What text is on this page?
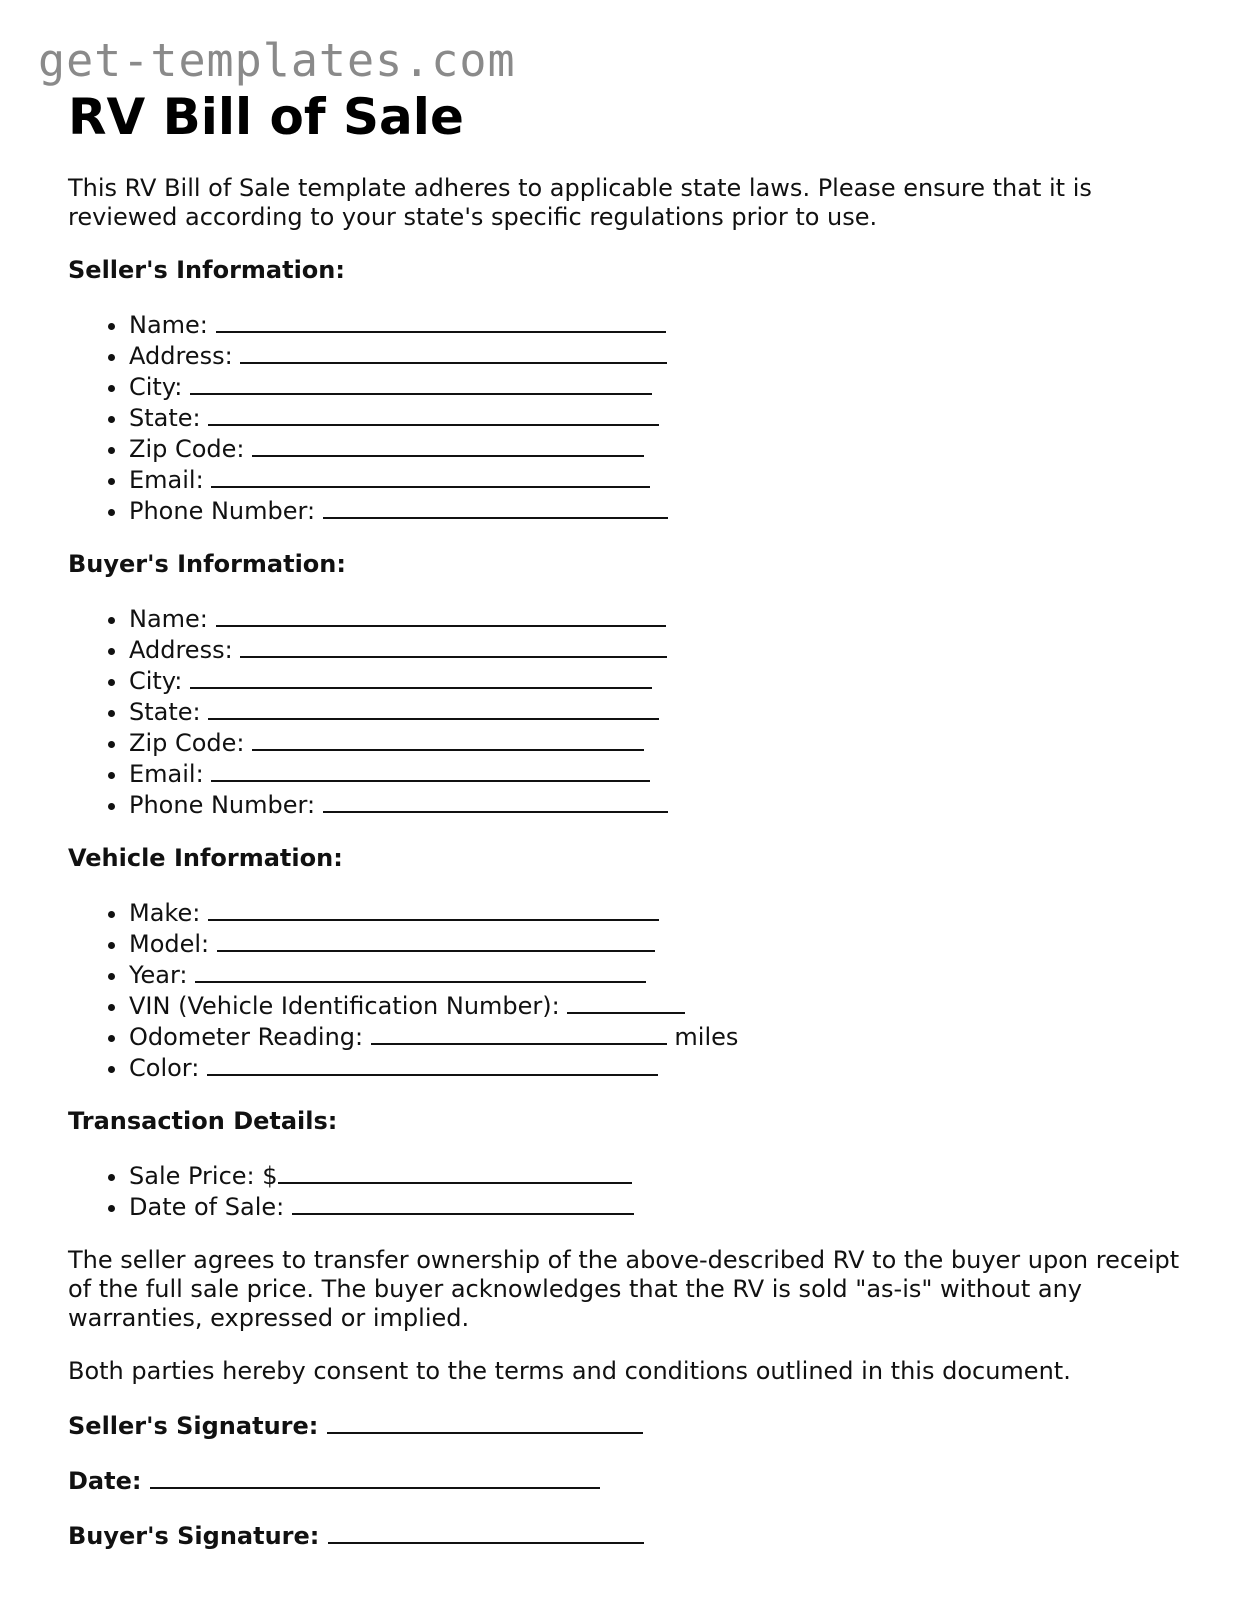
get-templates.com
RV Bill of Sale

This RV Bill of Sale template adheres to applicable state laws. Please ensure that it is reviewed according to your state's specific regulations prior to use.

Seller's Information:
• Name:
• Address:
• City:
• State:
• Zip Code:
• Email:
• Phone Number:
Buyer's Information:
• Name:
• Address:
• City:
• State:
• Zip Code:
• Email:
• Phone Number:
Vehicle Information:
• Make:
• Model:
• Year:
• VIN (Vehicle Identification Number):
• Odometer Reading:	miles
• Color:
Transaction Details:
• Sale Price: $
• Date of Sale:

The seller agrees to transfer ownership of the above-described RV to the buyer upon receipt of the full sale price. The buyer acknowledges that the RV is sold "as-is" without any warranties, expressed or implied.

Both parties hereby consent to the terms and conditions outlined in this document.

Seller's Signature:
Date:
Buyer's Signature:
